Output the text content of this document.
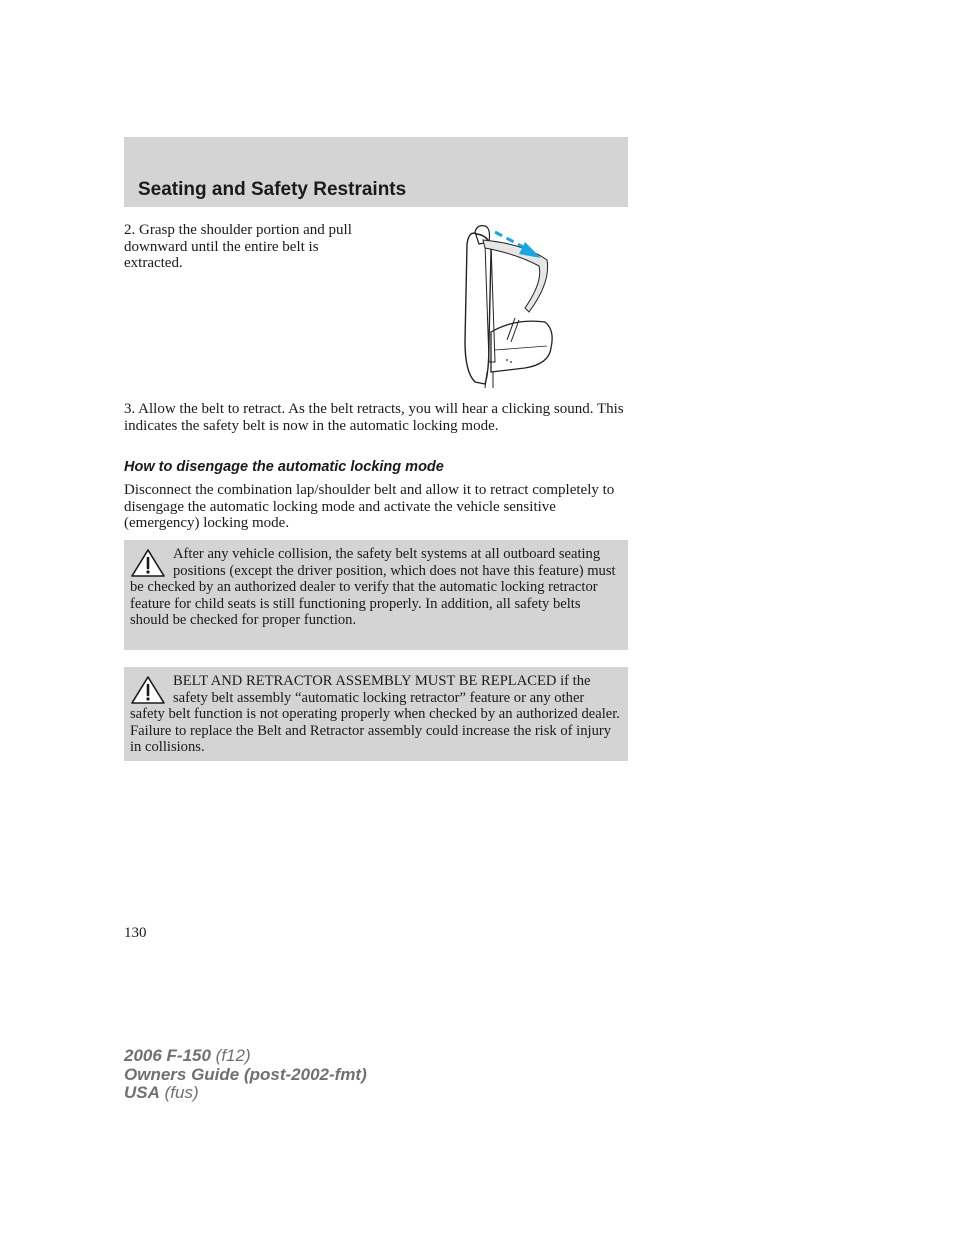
Seating and Safety Restraints

2. Grasp the shoulder portion and pull downward until the entire belt is extracted.

3. Allow the belt to retract. As the belt retracts, you will hear a clicking sound. This indicates the safety belt is now in the automatic locking mode.

How to disengage the automatic locking mode

Disconnect the combination lap/shoulder belt and allow it to retract completely to disengage the automatic locking mode and activate the vehicle sensitive (emergency) locking mode.

After any vehicle collision, the safety belt systems at all outboard seating positions (except the driver position, which does not have this feature) must be checked by an authorized dealer to verify that the automatic locking retractor feature for child seats is still functioning properly. In addition, all safety belts should be checked for proper function.

BELT AND RETRACTOR ASSEMBLY MUST BE REPLACED if the safety belt assembly “automatic locking retractor” feature or any other safety belt function is not operating properly when checked by an authorized dealer. Failure to replace the Belt and Retractor assembly could increase the risk of injury in collisions.

130

2006 F-150 (f12)
Owners Guide (post-2002-fmt)
USA (fus)
